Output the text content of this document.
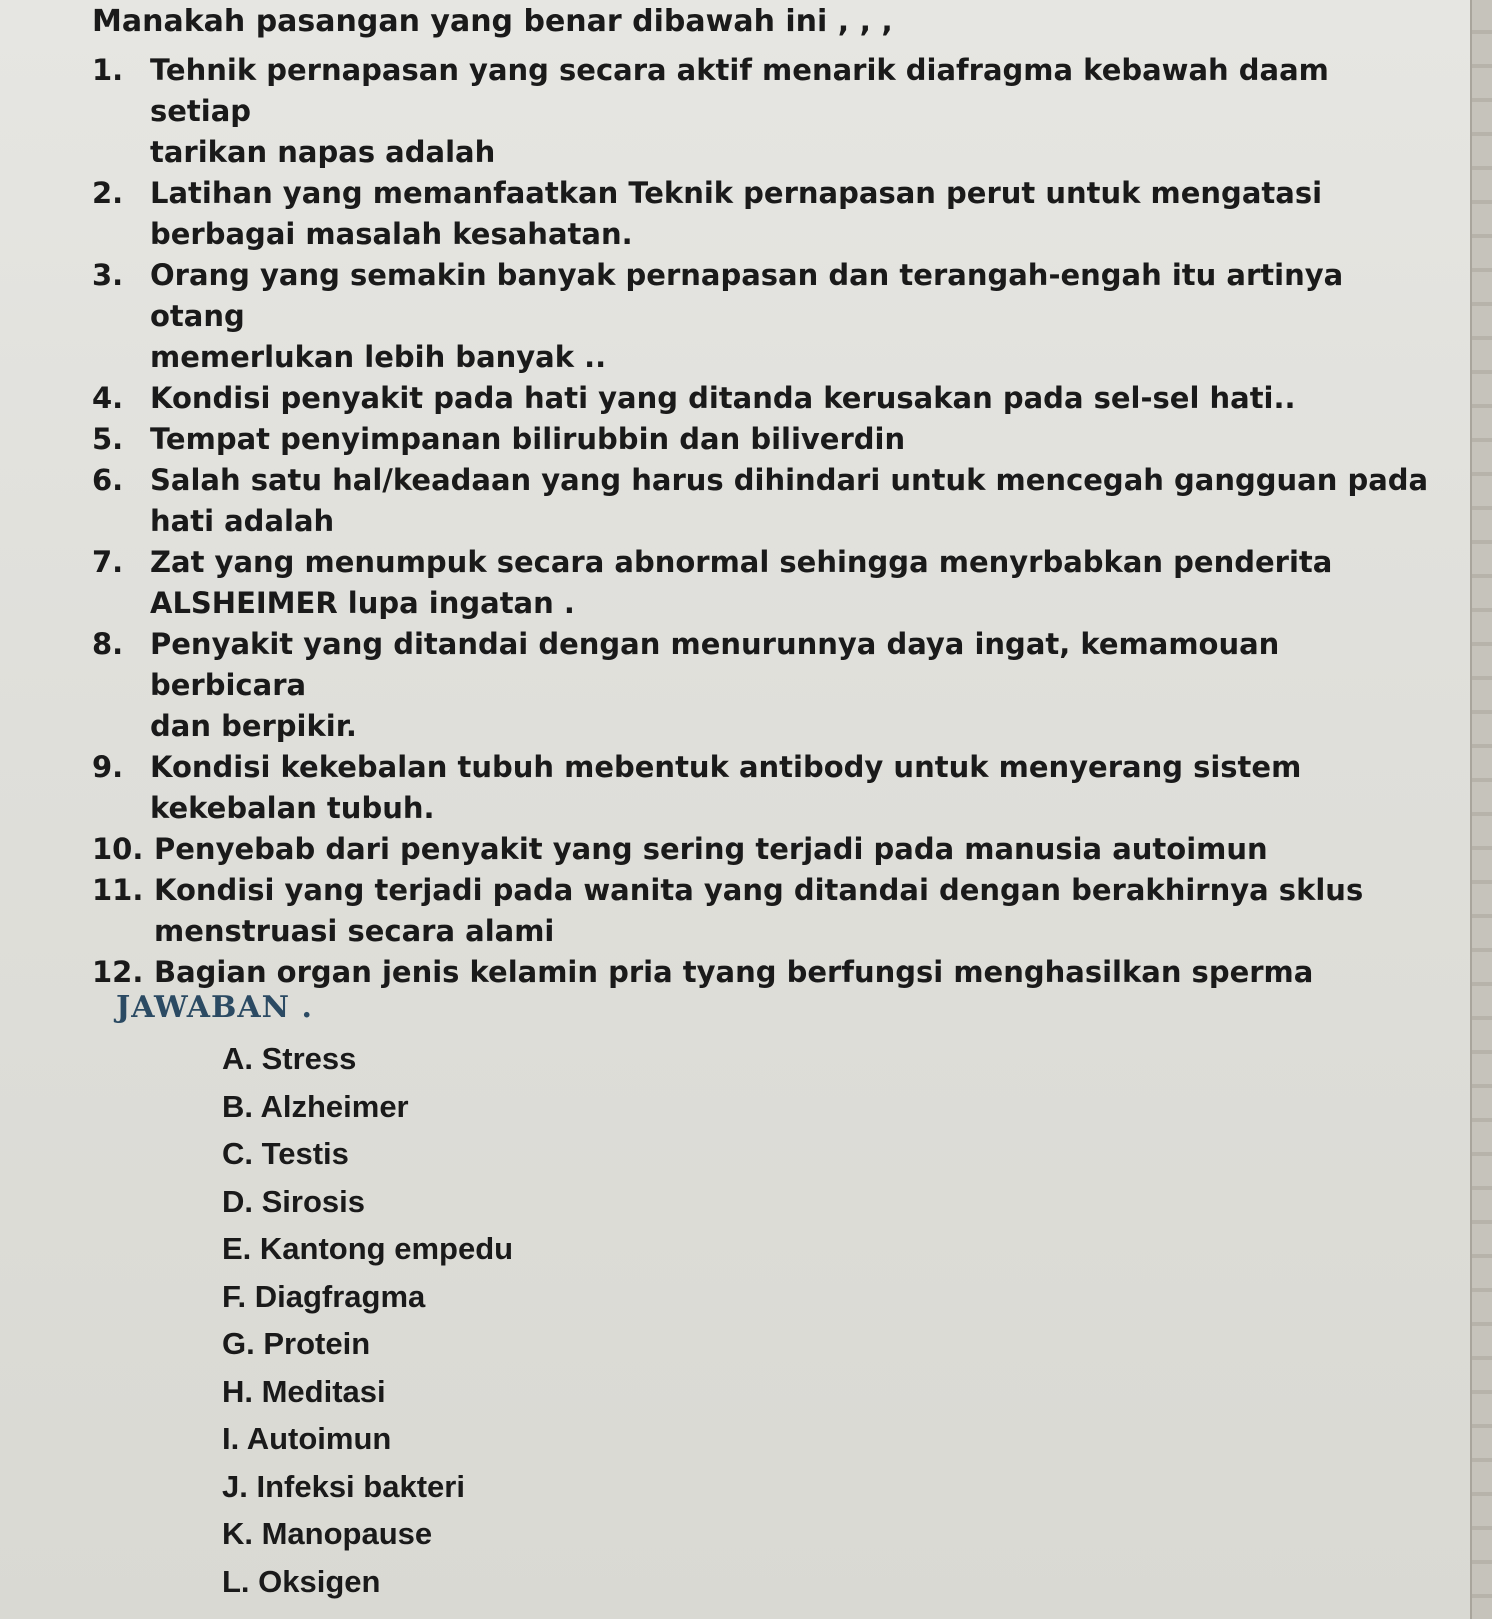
Manakah pasangan yang benar dibawah ini , , ,
1. Tehnik pernapasan yang secara aktif menarik diafragma kebawah daam setiap
tarikan napas adalah
2. Latihan yang memanfaatkan Teknik pernapasan perut untuk mengatasi
berbagai masalah kesahatan.
3. Orang yang semakin banyak pernapasan dan terangah-engah itu artinya otang
memerlukan lebih banyak ..
4. Kondisi penyakit pada hati yang ditanda kerusakan pada sel-sel hati..
5. Tempat penyimpanan bilirubbin dan biliverdin
6. Salah satu hal/keadaan yang harus dihindari untuk mencegah gangguan pada
hati adalah
7. Zat yang menumpuk secara abnormal sehingga menyrbabkan penderita
ALSHEIMER lupa ingatan .
8. Penyakit yang ditandai dengan menurunnya daya ingat, kemamouan berbicara
dan berpikir.
9. Kondisi kekebalan tubuh mebentuk antibody untuk menyerang sistem
kekebalan tubuh.
10. Penyebab dari penyakit yang sering terjadi pada manusia autoimun
11. Kondisi yang terjadi pada wanita yang ditandai dengan berakhirnya sklus
menstruasi secara alami
12. Bagian organ jenis kelamin pria tyang berfungsi menghasilkan sperma
JAWABAN .
A. Stress
B. Alzheimer
C. Testis
D. Sirosis
E. Kantong empedu
F. Diagfragma
G. Protein
H. Meditasi
I. Autoimun
J. Infeksi bakteri
K. Manopause
L. Oksigen
